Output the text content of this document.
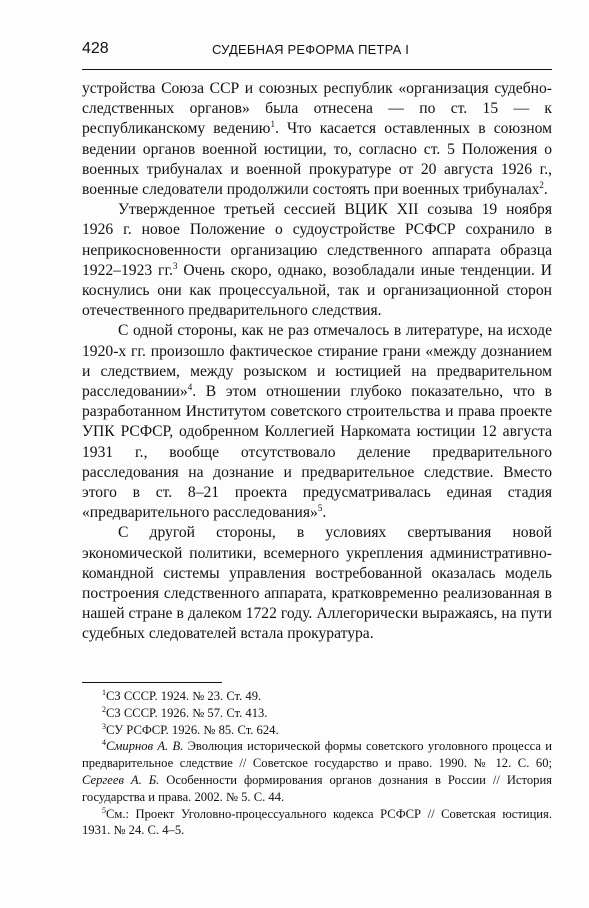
428	СУДЕБНАЯ РЕФОРМА ПЕТРА I

устройства Союза ССР и союзных республик «организация судебно-следственных органов» была отнесена — по ст. 15 — к республиканскому ведению$^1$. Что касается оставленных в союзном ведении органов военной юстиции, то, согласно ст. 5 Положения о военных трибуналах и военной прокуратуре от 20 августа 1926 г., военные следователи продолжили состоять при военных трибуналах$^2$.

Утвержденное третьей сессией ВЦИК XII созыва 19 ноября 1926 г. новое Положение о судоустройстве РСФСР сохранило в неприкосновенности организацию следственного аппарата образца 1922–1923 гг.$^3$ Очень скоро, однако, возобладали иные тенденции. И коснулись они как процессуальной, так и организационной сторон отечественного предварительного следствия.

С одной стороны, как не раз отмечалось в литературе, на исходе 1920-х гг. произошло фактическое стирание грани «между дознанием и следствием, между розыском и юстицией на предварительном расследовании»$^4$. В этом отношении глубоко показательно, что в разработанном Институтом советского строительства и права проекте УПК РСФСР, одобренном Коллегией Наркомата юстиции 12 августа 1931 г., вообще отсутствовало деление предварительного расследования на дознание и предварительное следствие. Вместо этого в ст. 8–21 проекта предусматривалась единая стадия «предварительного расследования»$^5$.

С другой стороны, в условиях свертывания новой экономической политики, всемерного укрепления административно-командной системы управления востребованной оказалась модель построения следственного аппарата, кратковременно реализованная в нашей стране в далеком 1722 году. Аллегорически выражаясь, на пути судебных следователей встала прокуратура.

$^1$СЗ СССР. 1924. № 23. Ст. 49.

$^2$СЗ СССР. 1926. № 57. Ст. 413.

$^3$СУ РСФСР. 1926. № 85. Ст. 624.

$^4$Смирнов А. В. Эволюция исторической формы советского уголовного процесса и предварительное следствие // Советское государство и право. 1990. № 12. С. 60; Сергеев А. Б. Особенности формирования органов дознания в России // История государства и права. 2002. № 5. С. 44.

$^5$См.: Проект Уголовно-процессуального кодекса РСФСР // Советская юстиция. 1931. № 24. С. 4–5.
